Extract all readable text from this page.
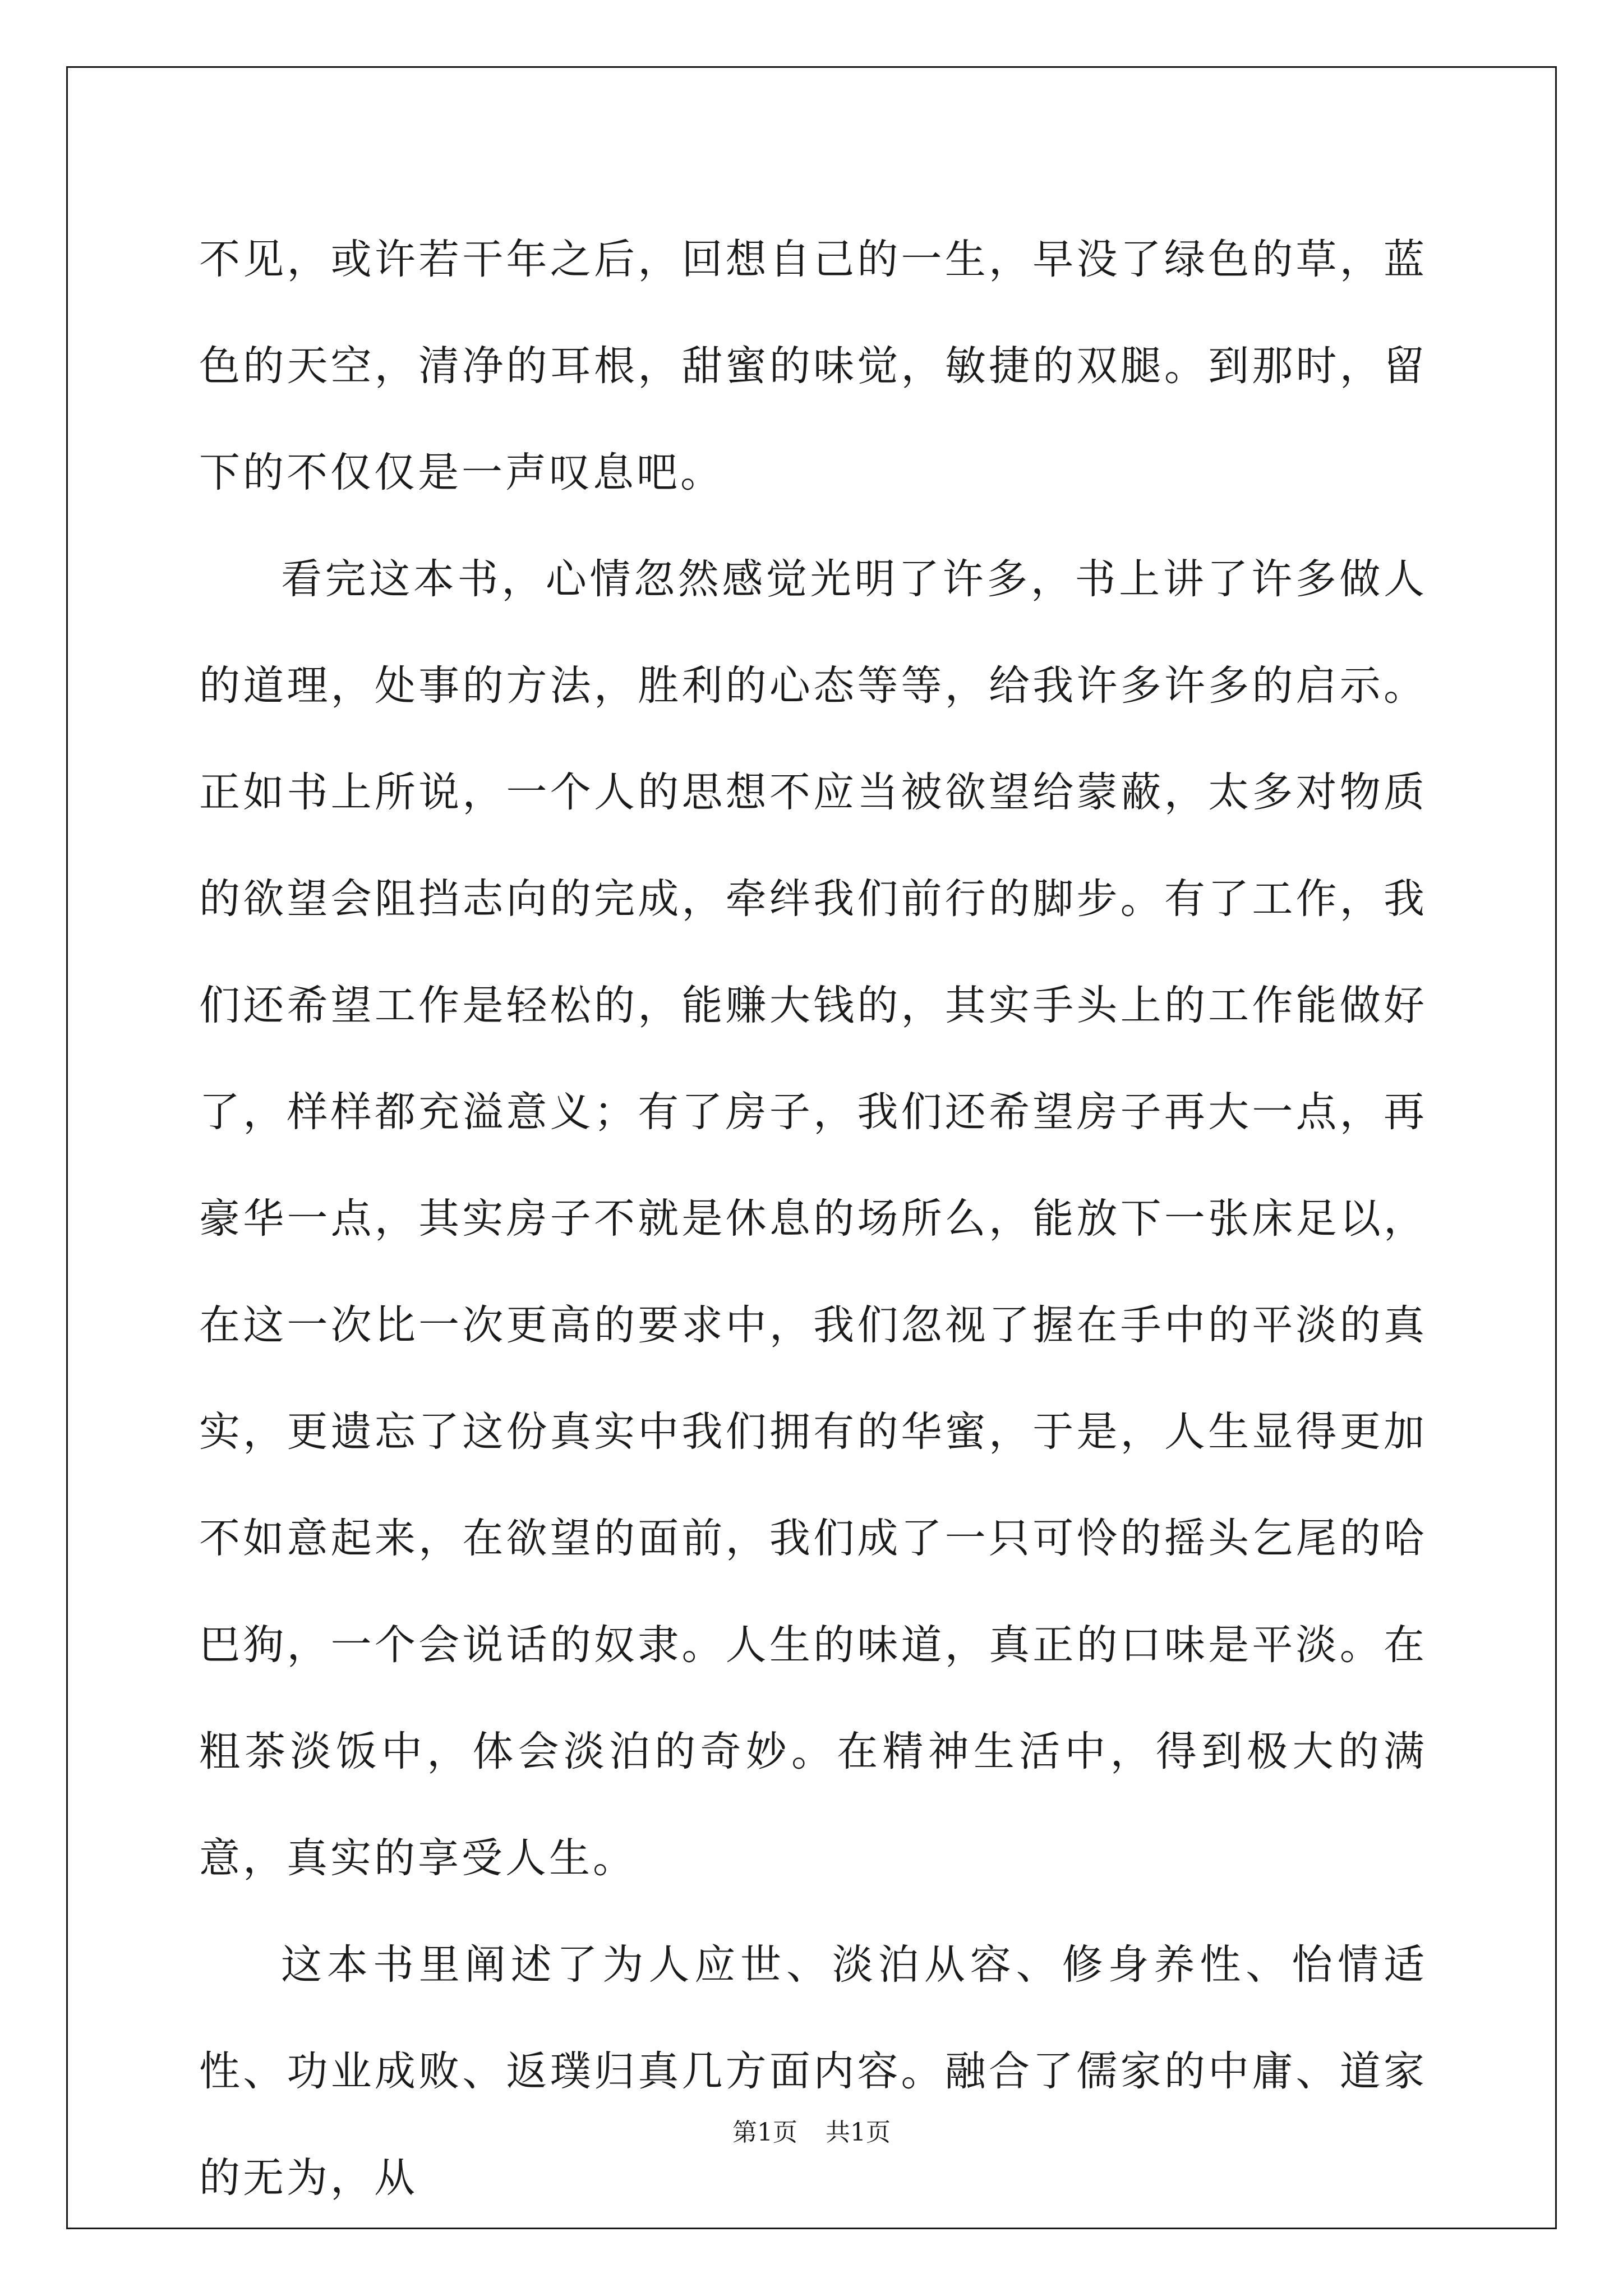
不见，或许若干年之后，回想自己的一生，早没了绿色的草，蓝色的天空，清净的耳根，甜蜜的味觉，敏捷的双腿。到那时，留下的不仅仅是一声叹息吧。

看完这本书，心情忽然感觉光明了许多，书上讲了许多做人的道理，处事的方法，胜利的心态等等，给我许多许多的启示。正如书上所说，一个人的思想不应当被欲望给蒙蔽，太多对物质的欲望会阻挡志向的完成，牵绊我们前行的脚步。有了工作，我们还希望工作是轻松的，能赚大钱的，其实手头上的工作能做好了，样样都充溢意义；有了房子，我们还希望房子再大一点，再豪华一点，其实房子不就是休息的场所么，能放下一张床足以，在这一次比一次更高的要求中，我们忽视了握在手中的平淡的真实，更遗忘了这份真实中我们拥有的华蜜，于是，人生显得更加不如意起来，在欲望的面前，我们成了一只可怜的摇头乞尾的哈巴狗，一个会说话的奴隶。人生的味道，真正的口味是平淡。在粗茶淡饭中，体会淡泊的奇妙。在精神生活中，得到极大的满意，真实的享受人生。

这本书里阐述了为人应世、淡泊从容、修身养性、怡情适性、功业成败、返璞归真几方面内容。融合了儒家的中庸、道家的无为，从

第1页 共1页
